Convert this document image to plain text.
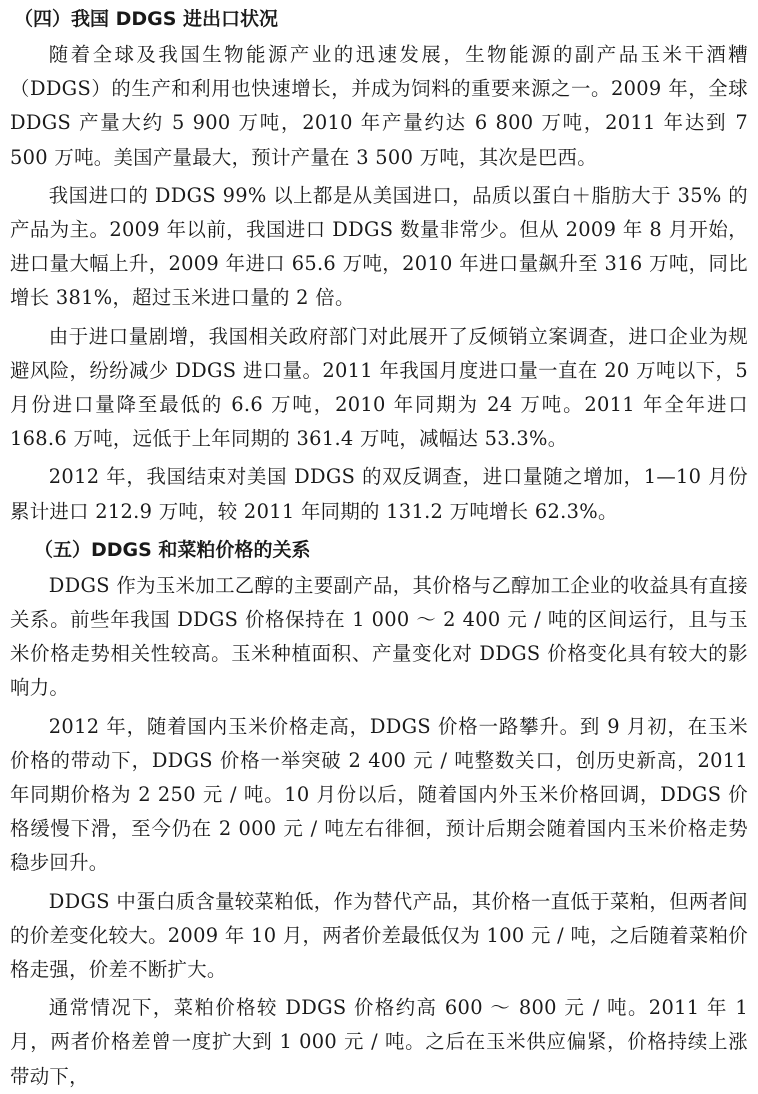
（四）我国 DDGS 进出口状况

随着全球及我国生物能源产业的迅速发展，生物能源的副产品玉米干酒糟（DDGS）的生产和利用也快速增长，并成为饲料的重要来源之一。2009 年，全球 DDGS 产量大约 5 900 万吨，2010 年产量约达 6 800 万吨，2011 年达到 7 500 万吨。美国产量最大，预计产量在 3 500 万吨，其次是巴西。

我国进口的 DDGS 99% 以上都是从美国进口，品质以蛋白＋脂肪大于 35% 的产品为主。2009 年以前，我国进口 DDGS 数量非常少。但从 2009 年 8 月开始，进口量大幅上升，2009 年进口 65.6 万吨，2010 年进口量飙升至 316 万吨，同比增长 381%，超过玉米进口量的 2 倍。

由于进口量剧增，我国相关政府部门对此展开了反倾销立案调查，进口企业为规避风险，纷纷减少 DDGS 进口量。2011 年我国月度进口量一直在 20 万吨以下，5 月份进口量降至最低的 6.6 万吨，2010 年同期为 24 万吨。2011 年全年进口 168.6 万吨，远低于上年同期的 361.4 万吨，减幅达 53.3%。

2012 年，我国结束对美国 DDGS 的双反调查，进口量随之增加，1—10 月份累计进口 212.9 万吨，较 2011 年同期的 131.2 万吨增长 62.3%。

（五）DDGS 和菜粕价格的关系

DDGS 作为玉米加工乙醇的主要副产品，其价格与乙醇加工企业的收益具有直接关系。前些年我国 DDGS 价格保持在 1 000 ～ 2 400 元 / 吨的区间运行，且与玉米价格走势相关性较高。玉米种植面积、产量变化对 DDGS 价格变化具有较大的影响力。

2012 年，随着国内玉米价格走高，DDGS 价格一路攀升。到 9 月初，在玉米价格的带动下，DDGS 价格一举突破 2 400 元 / 吨整数关口，创历史新高，2011 年同期价格为 2 250 元 / 吨。10 月份以后，随着国内外玉米价格回调，DDGS 价格缓慢下滑，至今仍在 2 000 元 / 吨左右徘徊，预计后期会随着国内玉米价格走势稳步回升。

DDGS 中蛋白质含量较菜粕低，作为替代产品，其价格一直低于菜粕，但两者间的价差变化较大。2009 年 10 月，两者价差最低仅为 100 元 / 吨，之后随着菜粕价格走强，价差不断扩大。

通常情况下，菜粕价格较 DDGS 价格约高 600 ～ 800 元 / 吨。2011 年 1 月，两者价格差曾一度扩大到 1 000 元 / 吨。之后在玉米供应偏紧，价格持续上涨带动下，
